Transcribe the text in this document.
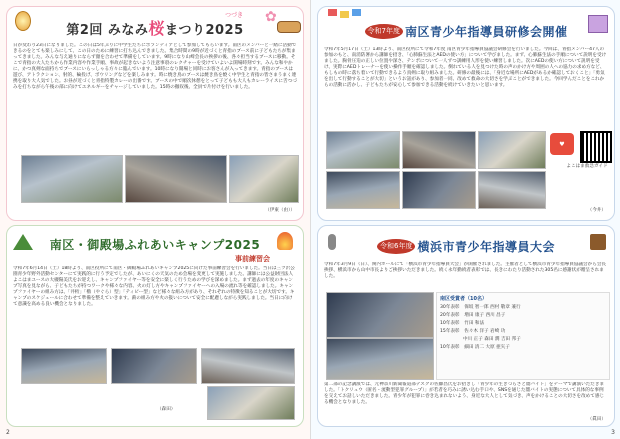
✿
第2回 みなみ桜まつり2025
つづき
日が変わり23日になりました。この日は5年ぶりに中学生たちにボランティアとして参加してもらいます。南区のメンバーと一緒に活動できるのをとても楽しみにして、この日のために練習に打ち込んできました。集合時間の9時が近づくと青指のブース前に子どもたちが集まってきました。みんな与え通りにならず顔を合わせて準備をしています。9時になり山崎会長の挨拶の後、各々担当するブースに移動。そこで青指の大人たちから作業内容や作業手順、事故が起きないよう注意事項のレクチャーを受けていよいよ開場時刻です。みんな和やかに、かつ真剣な面持ちでブースにいらっしゃる方々に臨んでいます。10時になり開場と同時にお客さんが入ってきます。青指のブースは遊び、アトラクション、射的、輪投げ、ボウリングなどを楽しみます。時に焼き鳥のブースは焼き鳥を焼く中学生と青指の皆さまうまく連携を取り大人気でした。お昼が近づくと青指特製カレーの出番です。ブースの中で順次休憩をとって子どもも大人もカレーライスに舌つづみを打ちながら午後の部に向けてエネルギーをチャージしていました。15時の撤収後、全員で片付けを行いました。
（伊東（由））
南区・御殿場ふれあいキャンプ2025
事前練習会
令和7年6月14日（土）18時より、南区役所にて南区・御殿場ふれあいキャンプ2025に向けた事前練習会を行いました。当日は三ツ沢公園青少年野外活動センターにて実践的に行う予定でしたが、あいにくの天気のため会場を変更して実施しました。講師には公益財団法人よこはまユースの大槻陽美氏をお迎えし、キャンプファイヤー等を安全に楽しく行うための学びを深めました。まず過去の年度のキャンプ写真を見ながら、子どもたちが持つワークや様々な内容、火の灯し方やキャンプファイヤーへの入場の流れ等を確認しました。キャンプファイヤーの組み方は、「井桁」「櫓（やぐら）型」「ティピー型」など様々な組み方があり、それぞれの特徴を知ることが大切です。キャンプのスケジュールに合わせて準備を整えていきます。薪の組み方や火の扱いについて安全に配慮しながら実践しました。当日に向けて意識を高める良い機会となりました。
（森田）
2
令和7年度 南区青少年指導員研修会開催
令和7年5月17日（土）13時より、南区役所にて令和7年度 南区青少年指導員協議会研修会を行いました。今回は、青指メンバー47人の参加のもと、南消防署から講師を招き、「心肺蘇生法とAEDの使い方」について学びました。まず、心肺蘇生法の手順について説明を受けました。胸骨圧迫の正しい位置や深さ、テンポについて一人ずつ訓練用人形を使い練習しました。次にAEDの使い方について説明を受け、実際にAEDトレーナーを使い操作手順を確認しました。倒れている人を見つけた時の声のかけ方や周囲の人への協力の求め方など、もしもの時に落ち着いて行動できるよう真剣に取り組みました。研修の最後には、「身近な場所にAEDがあるか確認しておくこと」「勇気を出して行動することが大切」というお話があり、参加者一同、改めて救命の大切さを学ぶことができました。今回学んだことをこれからの活動に活かし、子どもたちが安心して参加できる活動を続けていきたいと思います。
♥
よこはま救急ガイド
（今井）
令和6年度 横浜市青少年指導員大会
令和7年3月9日（日）、関内ホールにて「横浜市青少年指導員大会」が開催されました。主催者として横浜市青少年指導員協議会から会長挨拶、横浜市から山中市長よりご挨拶いただきました。続く永年勤続者表彰では、長きにわたり活動された305名に感謝状が贈呈されました。
南区受賞者（10名）
30年表彰　保坂 智一郎 西村 敬章 兼行
20年表彰　増田 康子 西川 昌子
10年表彰　竹田 和法
15年表彰　佐々木 洋子 岩崎 功
　　　　　中川 正子 森田 潤 吉田 邦子
10年表彰　細田 清二 大原 亜矢子
第二部の記念講演では、元神奈川新聞報道部デスクの佐藤昌氏をお招きし「青少年の生きづらさと闇バイト」をテーマで講演いただきました。「トクリュウ（匿名・流動型犯罪グループ）」が若者を巧みに誘い込む手口や、SNSを通じた闇バイトの実態について具体的な事例を交えてお話しいただきました。青少年が犯罪に巻き込まれないよう、身近な大人として気づき、声をかけることの大切さを改めて感じる機会となりました。
（眞田）
3
